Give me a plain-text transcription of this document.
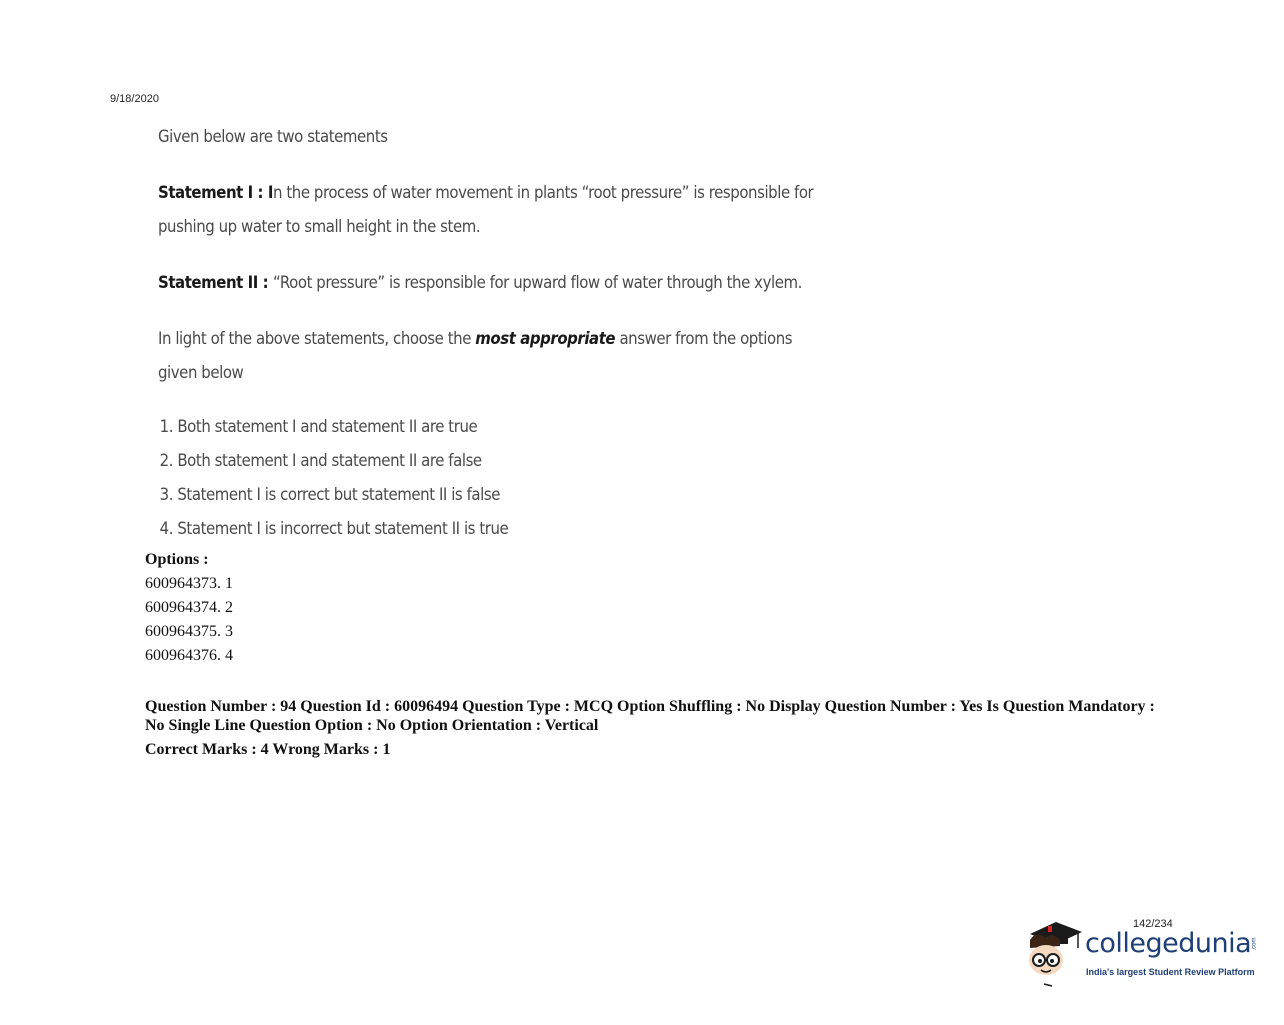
9/18/2020

Given below are two statements

Statement I : In the process of water movement in plants “root pressure” is responsible for pushing up water to small height in the stem.

Statement II : “Root pressure” is responsible for upward flow of water through the xylem.

In light of the above statements, choose the most appropriate answer from the options given below

1. Both statement I and statement II are true
2. Both statement I and statement II are false
3. Statement I is correct but statement II is false
4. Statement I is incorrect but statement II is true
Options :
600964373. 1
600964374. 2
600964375. 3
600964376. 4
Question Number : 94 Question Id : 60096494 Question Type : MCQ Option Shuffling : No Display Question Number : Yes Is Question Mandatory : No Single Line Question Option : No Option Orientation : Vertical
Correct Marks : 4 Wrong Marks : 1
142/234
collegedunia .com
India's largest Student Review Platform
